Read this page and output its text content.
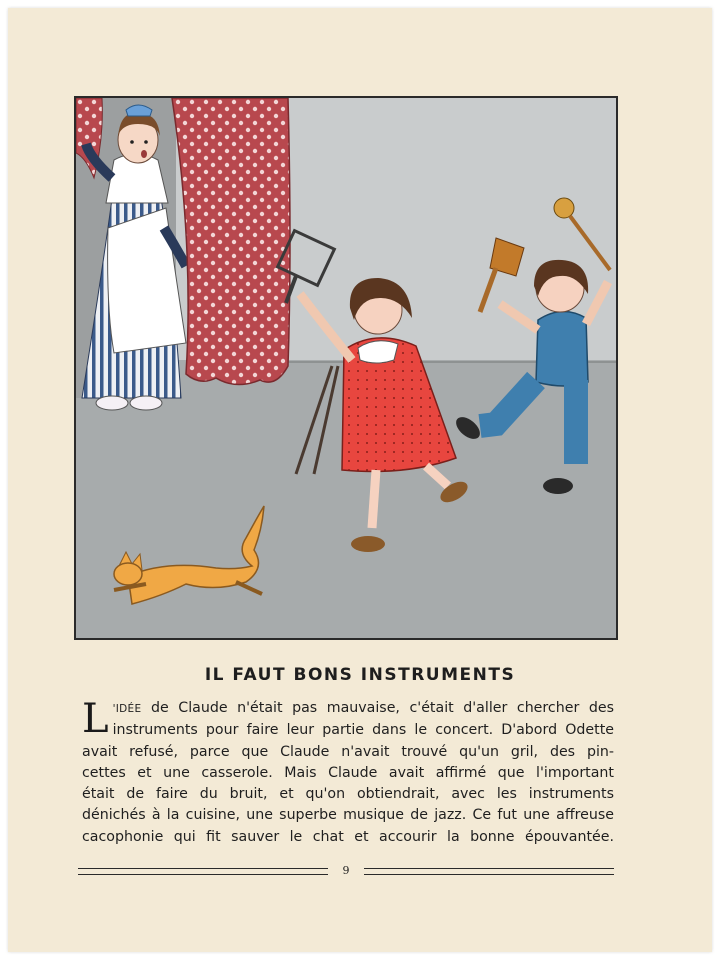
IL FAUT BONS INSTRUMENTS
L 'IDÉE de Claude n'était pas mauvaise, c'était d'aller chercher des
instruments pour faire leur partie dans le concert. D'abord Odette
avait refusé, parce que Claude n'avait trouvé qu'un gril, des pin-
cettes et une casserole. Mais Claude avait affirmé que l'important
était de faire du bruit, et qu'on obtiendrait, avec les instruments
dénichés à la cuisine, une superbe musique de jazz. Ce fut une affreuse
cacophonie qui fit sauver le chat et accourir la bonne épouvantée.
9
